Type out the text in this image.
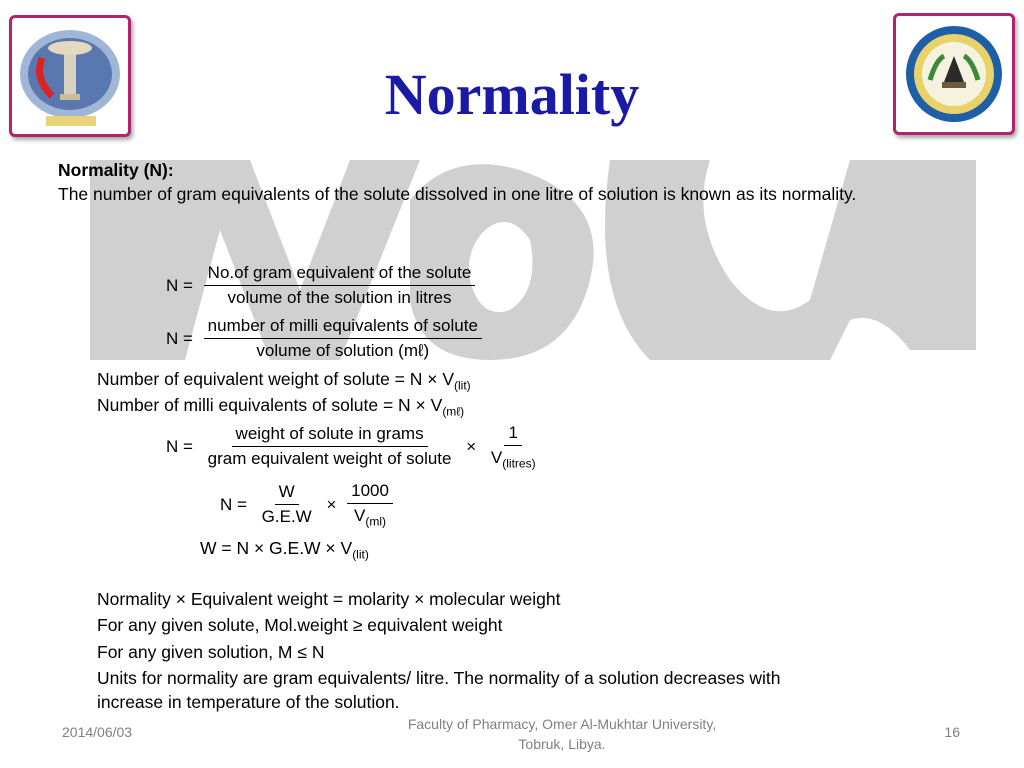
Normality

Normality (N):

The number of gram equivalents of the solute dissolved in one litre of solution is known as its normality.

$N = \frac{\text{No.of gram equivalent of the solute}}{\text{volume of the solution in litres}}$
$N = \frac{\text{number of milli equivalents of solute}}{\text{volume of solution (mℓ)}}$
Number of equivalent weight of solute = $N \times V_{(lit)}$
Number of milli equivalents of solute = $N \times V_{(m\ell)}$
$N = \frac{\text{weight of solute in grams}}{\text{gram equivalent weight of solute}} \times \frac{1}{V_{(litres)}}$
$N = \frac{W}{G.E.W} \times \frac{1000}{V_{(ml)}}$
$W = N \times G.E.W \times V_{(lit)}$
Normality × Equivalent weight = molarity × molecular weight
For any given solute, Mol.weight ≥ equivalent weight
For any given solution, M ≤ N
Units for normality are gram equivalents/ litre. The normality of a solution decreases with
increase in temperature of the solution.
2014/06/03	Faculty of Pharmacy, Omer Al-Mukhtar University,
Tobruk, Libya.
16
